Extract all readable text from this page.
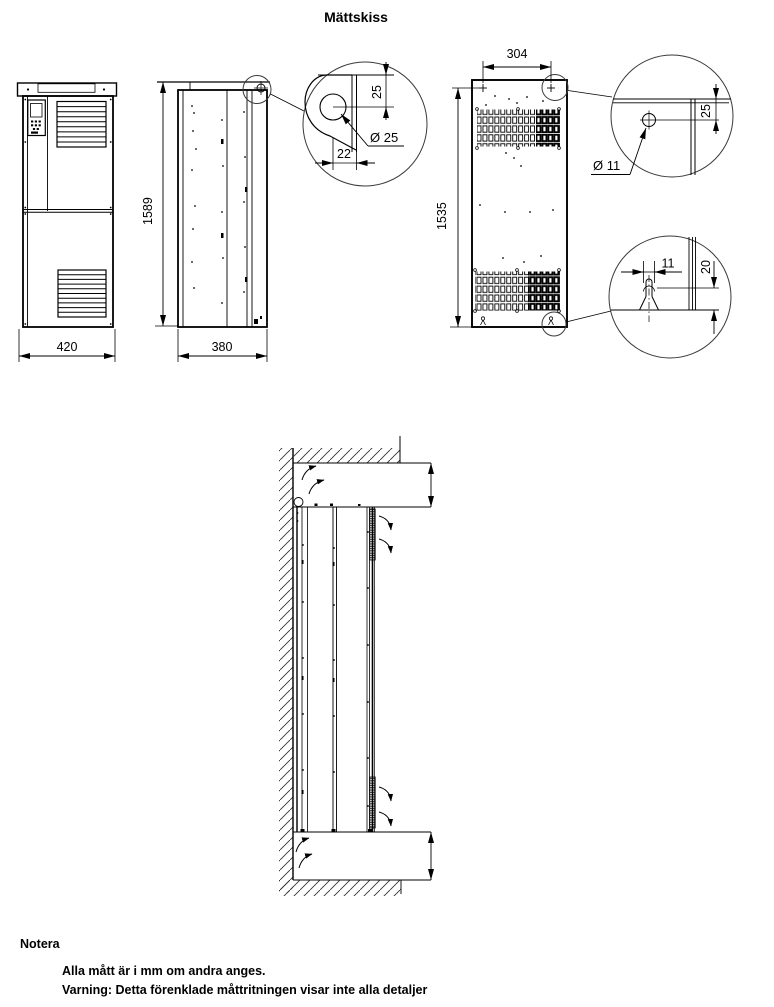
Mättskiss
420
1589
380
25
Ø 25
22
304
1535
25
Ø 11
11 20
Notera
Alla mått är i mm om andra anges.
Varning: Detta förenklade måttritningen visar inte alla detaljer
